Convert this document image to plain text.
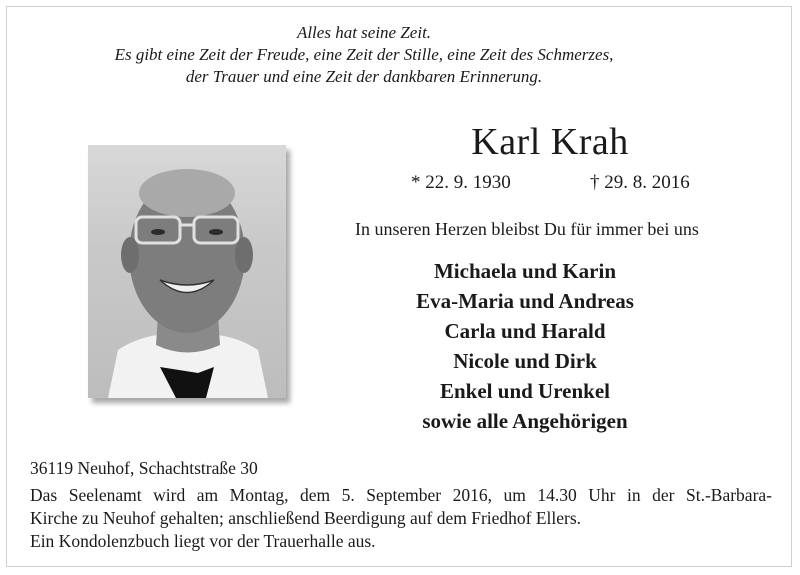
Alles hat seine Zeit.
Es gibt eine Zeit der Freude, eine Zeit der Stille, eine Zeit des Schmerzes,
der Trauer und eine Zeit der dankbaren Erinnerung.
Karl Krah
* 22. 9. 1930	† 29. 8. 2016
In unseren Herzen bleibst Du für immer bei uns
Michaela und Karin
Eva-Maria und Andreas
Carla und Harald
Nicole und Dirk
Enkel und Urenkel
sowie alle Angehörigen
36119 Neuhof, Schachtstraße 30
Das Seelenamt wird am Montag, dem 5. September 2016, um 14.30 Uhr in der St.-Barbara-
Kirche zu Neuhof gehalten; anschließend Beerdigung auf dem Friedhof Ellers.
Ein Kondolenzbuch liegt vor der Trauerhalle aus.
